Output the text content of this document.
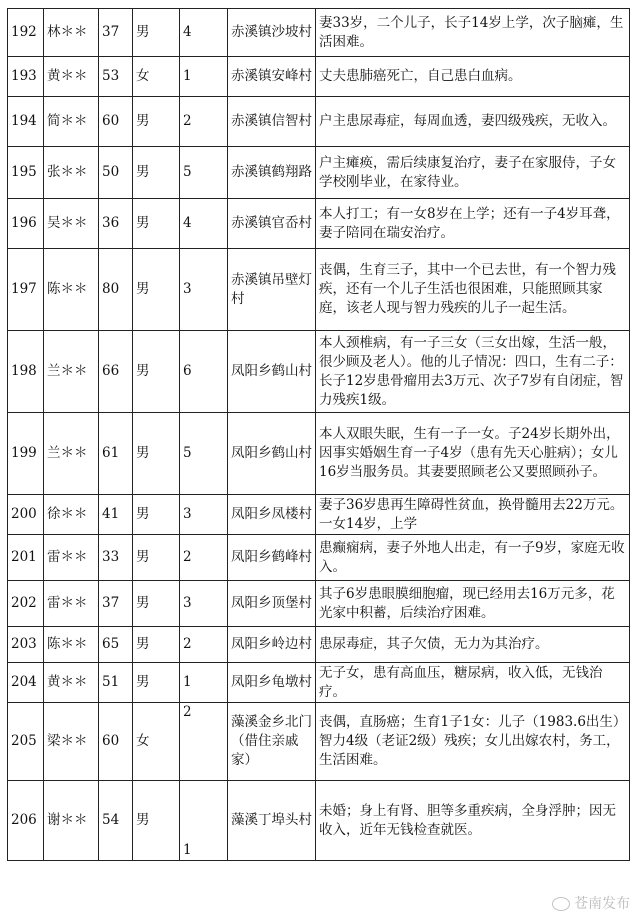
192	林＊＊	37	男	4	赤溪镇沙坡村	妻33岁，二个儿子，长子14岁上学，次子脑瘫，生活困难。
193	黄＊＊	53	女	1	赤溪镇安峰村	丈夫患肺癌死亡，自己患白血病。
194	简＊＊	60	男	2	赤溪镇信智村	户主患尿毒症，每周血透，妻四级残疾，无收入。
195	张＊＊	50	男	5	赤溪镇鹤翔路	户主瘫痪，需后续康复治疗，妻子在家服侍，子女学校刚毕业，在家待业。
196	吴＊＊	36	男	4	赤溪镇官岙村	本人打工；有一女8岁在上学；还有一子4岁耳聋，妻子陪同在瑞安治疗。
197	陈＊＊	80	男	3	赤溪镇吊壁灯村	丧偶，生育三子，其中一个已去世，有一个智力残疾，还有一个儿子生活也很困难，只能照顾其家庭，该老人现与智力残疾的儿子一起生活。
198	兰＊＊	66	男	6	凤阳乡鹤山村	本人颈椎病，有一子三女（三女出嫁，生活一般，很少顾及老人）。他的儿子情况：四口，生有二子：长子12岁患骨瘤用去3万元、次子7岁有自闭症，智力残疾1级。
199	兰＊＊	61	男	5	凤阳乡鹤山村	本人双眼失眠，生有一子一女。子24岁长期外出，因事实婚姻生育一子4岁（患有先天心脏病）；女儿16岁当服务员。其妻要照顾老公又要照顾孙子。
200	徐＊＊	41	男	3	凤阳乡凤楼村	妻子36岁患再生障碍性贫血，换骨髓用去22万元。一女14岁，上学
201	雷＊＊	33	男	2	凤阳乡鹤峰村	患癫痫病，妻子外地人出走，有一子9岁，家庭无收入。
202	雷＊＊	37	男	3	凤阳乡顶堡村	其子6岁患眼膜细胞瘤，现已经用去16万元多，花光家中积蓄，后续治疗困难。
203	陈＊＊	65	男	2	凤阳乡岭边村	患尿毒症，其子欠债，无力为其治疗。
204	黄＊＊	51	男	1	凤阳乡龟墩村	无子女，患有高血压，糖尿病，收入低，无钱治疗。
205	梁＊＊	60	女	2	藻溪金乡北门（借住亲戚家）	丧偶，直肠癌；生育1子1女：儿子（1983.6出生）智力4级（老证2级）残疾；女儿出嫁农村，务工，生活困难。
206	谢＊＊	54	男	1	藻溪丁埠头村	未婚；身上有肾、胆等多重疾病，全身浮肿；因无收入，近年无钱检查就医。
苍南发布
